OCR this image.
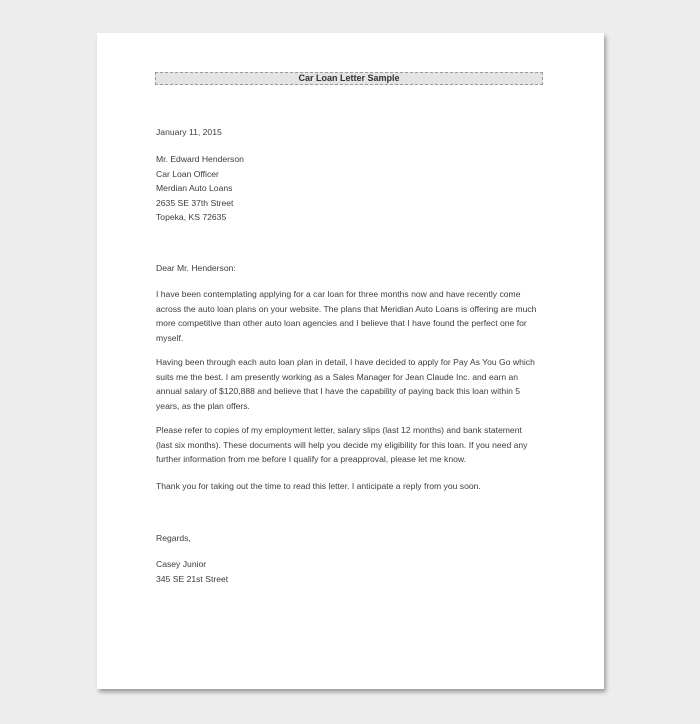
Car Loan Letter Sample
January 11, 2015
Mr. Edward Henderson
Car Loan Officer
Merdian Auto Loans
2635 SE 37th Street
Topeka, KS 72635
Dear Mr. Henderson:
I have been contemplating applying for a car loan for three months now and have recently come
across the auto loan plans on your website. The plans that Meridian Auto Loans is offering are much
more competitive than other auto loan agencies and I believe that I have found the perfect one for
myself.
Having been through each auto loan plan in detail, I have decided to apply for Pay As You Go which
suits me the best. I am presently working as a Sales Manager for Jean Claude Inc. and earn an
annual salary of $120,888 and believe that I have the capability of paying back this loan within 5
years, as the plan offers.
Please refer to copies of my employment letter, salary slips (last 12 months) and bank statement
(last six months). These documents will help you decide my eligibility for this loan. If you need any
further information from me before I qualify for a preapproval, please let me know.
Thank you for taking out the time to read this letter. I anticipate a reply from you soon.
Regards,
Casey Junior
345 SE 21st Street
